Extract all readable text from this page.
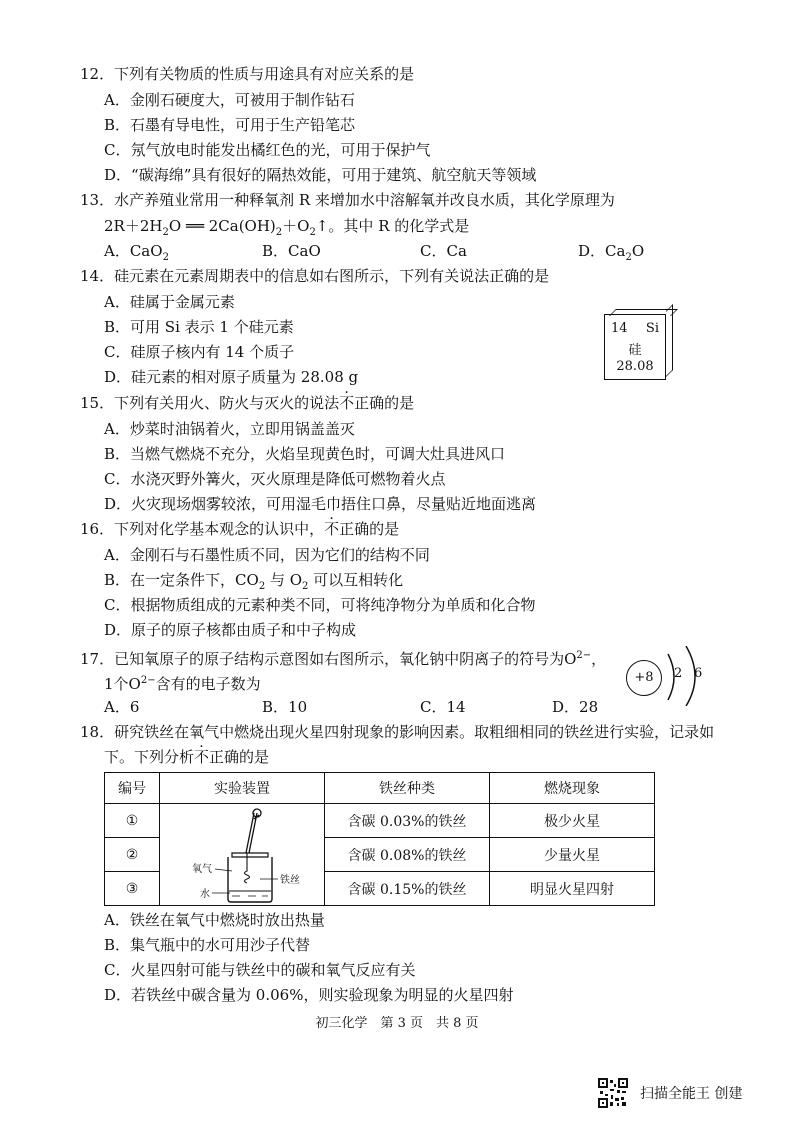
12．下列有关物质的性质与用途具有对应关系的是
A．金刚石硬度大，可被用于制作钻石
B．石墨有导电性，可用于生产铅笔芯
C．氖气放电时能发出橘红色的光，可用于保护气
D．“碳海绵”具有很好的隔热效能，可用于建筑、航空航天等领域
13．水产养殖业常用一种释氧剂 R 来增加水中溶解氧并改良水质，其化学原理为
$2R+2H_2O$ ══ $2Ca(OH)_2+O_2↑$。其中 R 的化学式是
A．CaO$_2$	B．CaO	C．Ca	D．$Ca_2O$
14．硅元素在元素周期表中的信息如右图所示，下列有关说法正确的是
A．硅属于金属元素
B．可用 Si 表示 1 个硅元素
C．硅原子核内有 14 个质子
D．硅元素的相对原子质量为 28.08 g
14 Si
硅
28.08
15．下列有关用火、防火与灭火的说法不正确的是
A．炒菜时油锅着火，立即用锅盖盖灭
B．当燃气燃烧不充分，火焰呈现黄色时，可调大灶具进风口
C．水浇灭野外篝火，灭火原理是降低可燃物着火点
D．火灾现场烟雾较浓，可用湿毛巾捂住口鼻，尽量贴近地面逃离
16．下列对化学基本观念的认识中，不正确的是
A．金刚石与石墨性质不同，因为它们的结构不同
B．在一定条件下，$CO_2$ 与 $O_2$ 可以互相转化
C．根据物质组成的元素种类不同，可将纯净物分为单质和化合物
D．原子的原子核都由质子和中子构成
17．已知氧原子的原子结构示意图如右图所示，氧化钠中阴离子的符号为$O^{2-}$，
1个$O^{2-}$含有的电子数为
A．6	B．10	C．14	D．28
+8	2 6
18．研究铁丝在氧气中燃烧出现火星四射现象的影响因素。取粗细相同的铁丝进行实验，记录如
下。下列分析不正确的是
编号	实验装置	铁丝种类	燃烧现象
①	氧气
铁丝
水	含碳 0.03%的铁丝	极少火星
②		含碳 0.08%的铁丝	少量火星
③		含碳 0.15%的铁丝	明显火星四射
A．铁丝在氧气中燃烧时放出热量
B．集气瓶中的水可用沙子代替
C．火星四射可能与铁丝中的碳和氧气反应有关
D．若铁丝中碳含量为 0.06%，则实验现象为明显的火星四射
初三化学　第 3 页　共 8 页
扫描全能王 创建
